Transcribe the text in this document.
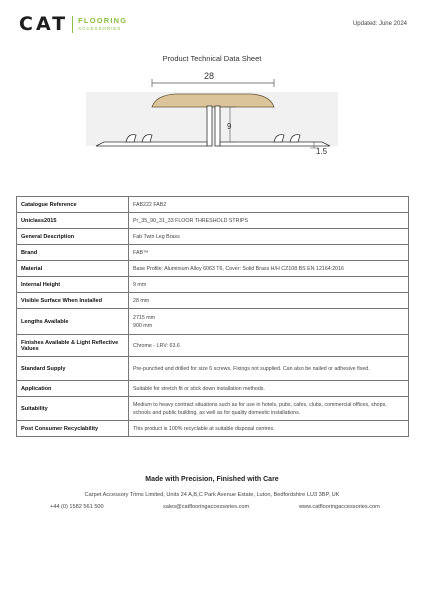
CAT FLOORING
ACCESSORIES
Updated: June 2024
Product Technical Data Sheet
28
9
1.5
Catalogue Reference	FAB222 FAB2
Uniclass2015	Pr_35_90_31_33 FLOOR THRESHOLD STRIPS
General Description	Fab Twin Leg Brass
Brand	FAB™
Material	Base Profile: Aluminium Alloy 6063 T6, Cover: Solid Brass H/H CZ108 BS EN 12164:2016
Internal Height	9 mm
Visible Surface When Installed	28 mm
Lengths Available	2715 mm
900 mm

Finishes Available & Light Reflective Values	Chrome - LRV: 63.6
Standard Supply	Pre-punched and drilled for size 6 screws. Fixings not supplied. Can also be nailed or adhesive fixed.
Application	Suitable for stretch fit or stick down installation methods.
Suitability	Medium to heavy contract situations such as for use in hotels, pubs, cafes, clubs, commercial offices, shops, schools and public building, as well as for quality domestic installations.
Post Consumer Recyclability	This product is 100% recyclable at suitable disposal centres.
Made with Precision, Finished with Care
Carpet Accessory Trims Limited, Units 24 A,B,C Park Avenue Estate, Luton, Bedfordshire LU3 3BP, UK
+44 (0) 1582 561 500	sales@catflooringaccessories.com	www.catflooringaccessories.com
